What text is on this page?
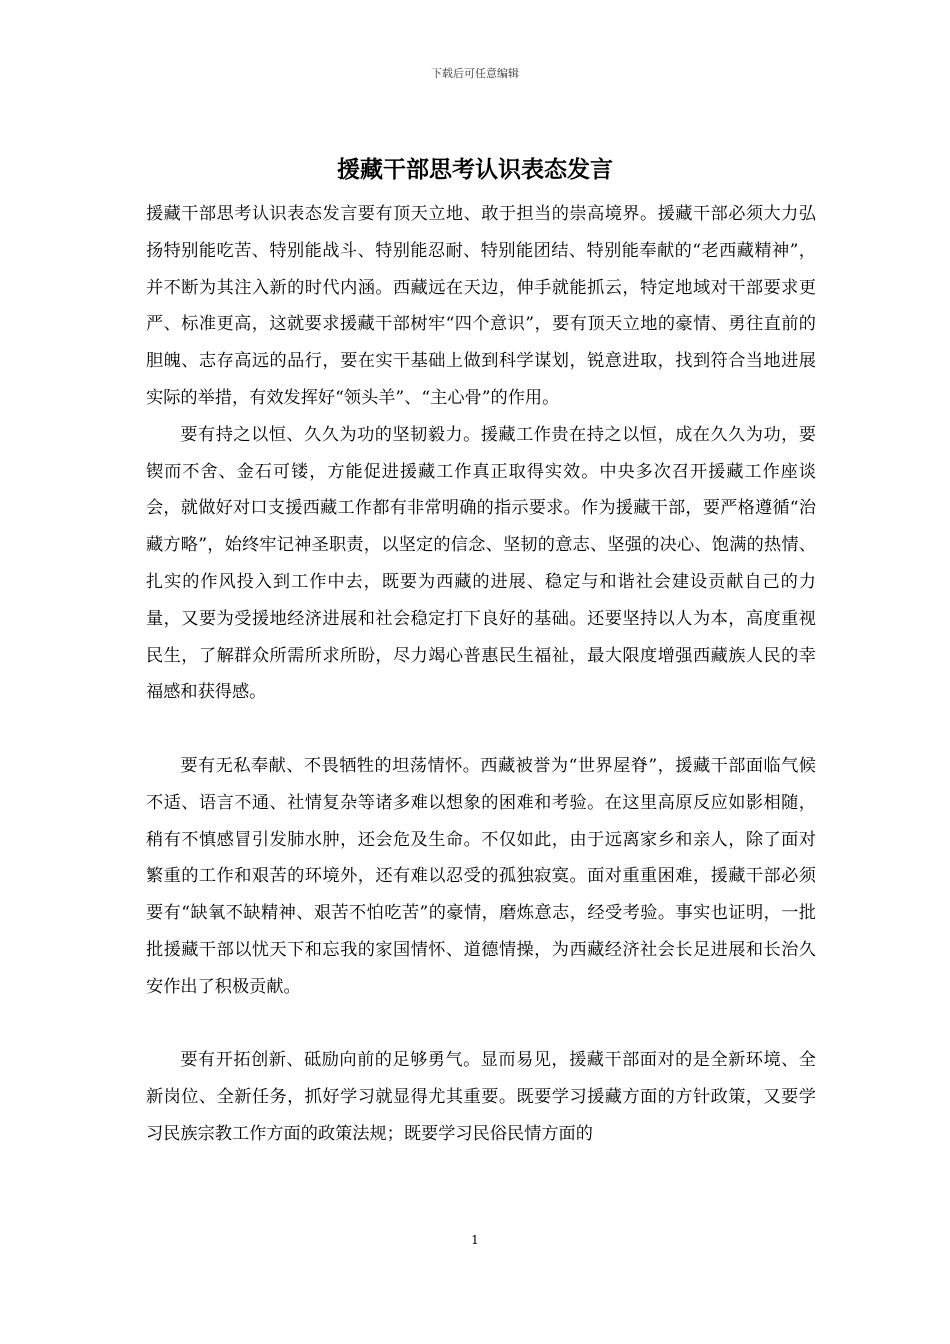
下载后可任意编辑
援藏干部思考认识表态发言

援藏干部思考认识表态发言要有顶天立地、敢于担当的崇高境界。援藏干部必须大力弘扬特别能吃苦、特别能战斗、特别能忍耐、特别能团结、特别能奉献的“老西藏精神”，并不断为其注入新的时代内涵。西藏远在天边，伸手就能抓云，特定地域对干部要求更严、标准更高，这就要求援藏干部树牢“四个意识”，要有顶天立地的豪情、勇往直前的胆魄、志存高远的品行，要在实干基础上做到科学谋划，锐意进取，找到符合当地进展实际的举措，有效发挥好“领头羊”、“主心骨”的作用。

要有持之以恒、久久为功的坚韧毅力。援藏工作贵在持之以恒，成在久久为功，要锲而不舍、金石可镂，方能促进援藏工作真正取得实效。中央多次召开援藏工作座谈会，就做好对口支援西藏工作都有非常明确的指示要求。作为援藏干部，要严格遵循“治藏方略”，始终牢记神圣职责，以坚定的信念、坚韧的意志、坚强的决心、饱满的热情、扎实的作风投入到工作中去，既要为西藏的进展、稳定与和谐社会建设贡献自己的力量，又要为受援地经济进展和社会稳定打下良好的基础。还要坚持以人为本，高度重视民生，了解群众所需所求所盼，尽力竭心普惠民生福祉，最大限度增强西藏族人民的幸福感和获得感。

要有无私奉献、不畏牺牲的坦荡情怀。西藏被誉为“世界屋脊”，援藏干部面临气候不适、语言不通、社情复杂等诸多难以想象的困难和考验。在这里高原反应如影相随，稍有不慎感冒引发肺水肿，还会危及生命。不仅如此，由于远离家乡和亲人，除了面对繁重的工作和艰苦的环境外，还有难以忍受的孤独寂寞。面对重重困难，援藏干部必须要有“缺氧不缺精神、艰苦不怕吃苦”的豪情，磨炼意志，经受考验。事实也证明，一批批援藏干部以忧天下和忘我的家国情怀、道德情操，为西藏经济社会长足进展和长治久安作出了积极贡献。

要有开拓创新、砥励向前的足够勇气。显而易见，援藏干部面对的是全新环境、全新岗位、全新任务，抓好学习就显得尤其重要。既要学习援藏方面的方针政策，又要学习民族宗教工作方面的政策法规；既要学习民俗民情方面的

1
